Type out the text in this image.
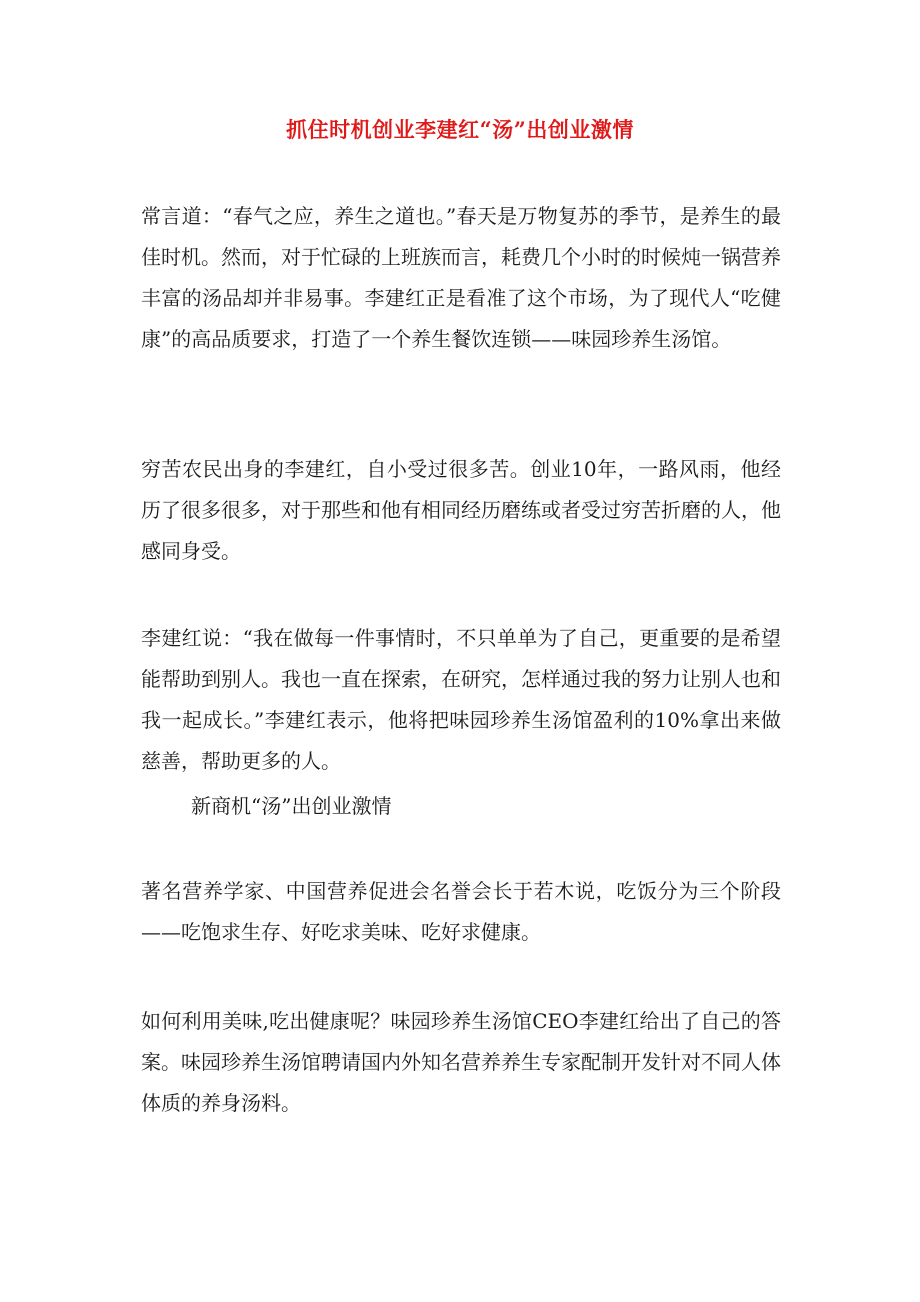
抓住时机创业李建红“汤”出创业激情

常言道：“春气之应，养生之道也。”春天是万物复苏的季节，是养生的最佳时机。然而，对于忙碌的上班族而言，耗费几个小时的时候炖一锅营养丰富的汤品却并非易事。李建红正是看准了这个市场，为了现代人“吃健康”的高品质要求，打造了一个养生餐饮连锁——味园珍养生汤馆。

穷苦农民出身的李建红，自小受过很多苦。创业10年，一路风雨，他经历了很多很多，对于那些和他有相同经历磨练或者受过穷苦折磨的人，他感同身受。

李建红说：“我在做每一件事情时，不只单单为了自己，更重要的是希望能帮助到别人。我也一直在探索，在研究，怎样通过我的努力让别人也和我一起成长。”李建红表示，他将把味园珍养生汤馆盈利的10%拿出来做慈善，帮助更多的人。

新商机“汤”出创业激情

著名营养学家、中国营养促进会名誉会长于若木说，吃饭分为三个阶段——吃饱求生存、好吃求美味、吃好求健康。

如何利用美味,吃出健康呢？味园珍养生汤馆CEO李建红给出了自己的答案。味园珍养生汤馆聘请国内外知名营养养生专家配制开发针对不同人体体质的养身汤料。
